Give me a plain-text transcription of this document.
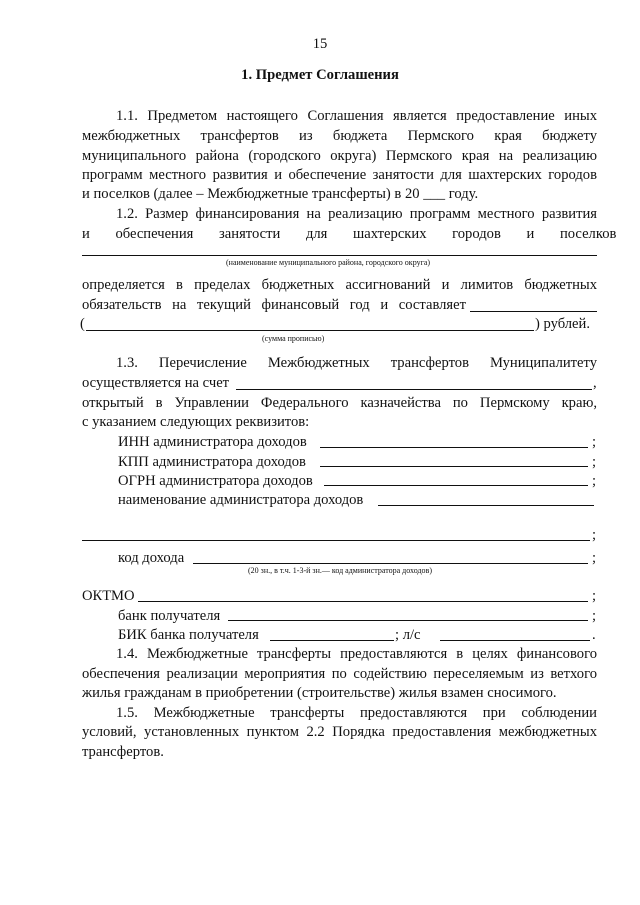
15
1. Предмет Соглашения
1.1. Предметом настоящего Соглашения является предоставление иных
межбюджетных трансфертов из бюджета Пермского края бюджету
муниципального района (городского округа) Пермского края на реализацию
программ местного развития и обеспечение занятости для шахтерских городов
и поселков (далее – Межбюджетные трансферты) в 20 ___ году.
1.2. Размер финансирования на реализацию программ местного развития
и обеспечения занятости для шахтерских городов и поселков
(наименование муниципального района, городского округа)
определяется в пределах бюджетных ассигнований и лимитов бюджетных
обязательств на текущий финансовый год и составляет
(	) рублей.
(сумма прописью)
1.3. Перечисление Межбюджетных трансфертов Муниципалитету
осуществляется на счет	,
открытый в Управлении Федерального казначейства по Пермскому краю,
с указанием следующих реквизитов:
ИНН администратора доходов	;
КПП администратора доходов	;
ОГРН администратора доходов	;
наименование администратора доходов
;
код дохода	;
(20 зн., в т.ч. 1-3-й зн.— код администратора доходов)
ОКТМО	;
банк получателя	;
БИК банка получателя	; л/с	.
1.4. Межбюджетные трансферты предоставляются в целях финансового
обеспечения реализации мероприятия по содействию переселяемым из ветхого
жилья гражданам в приобретении (строительстве) жилья взамен сносимого.
1.5. Межбюджетные трансферты предоставляются при соблюдении
условий, установленных пунктом 2.2 Порядка предоставления межбюджетных
трансфертов.
